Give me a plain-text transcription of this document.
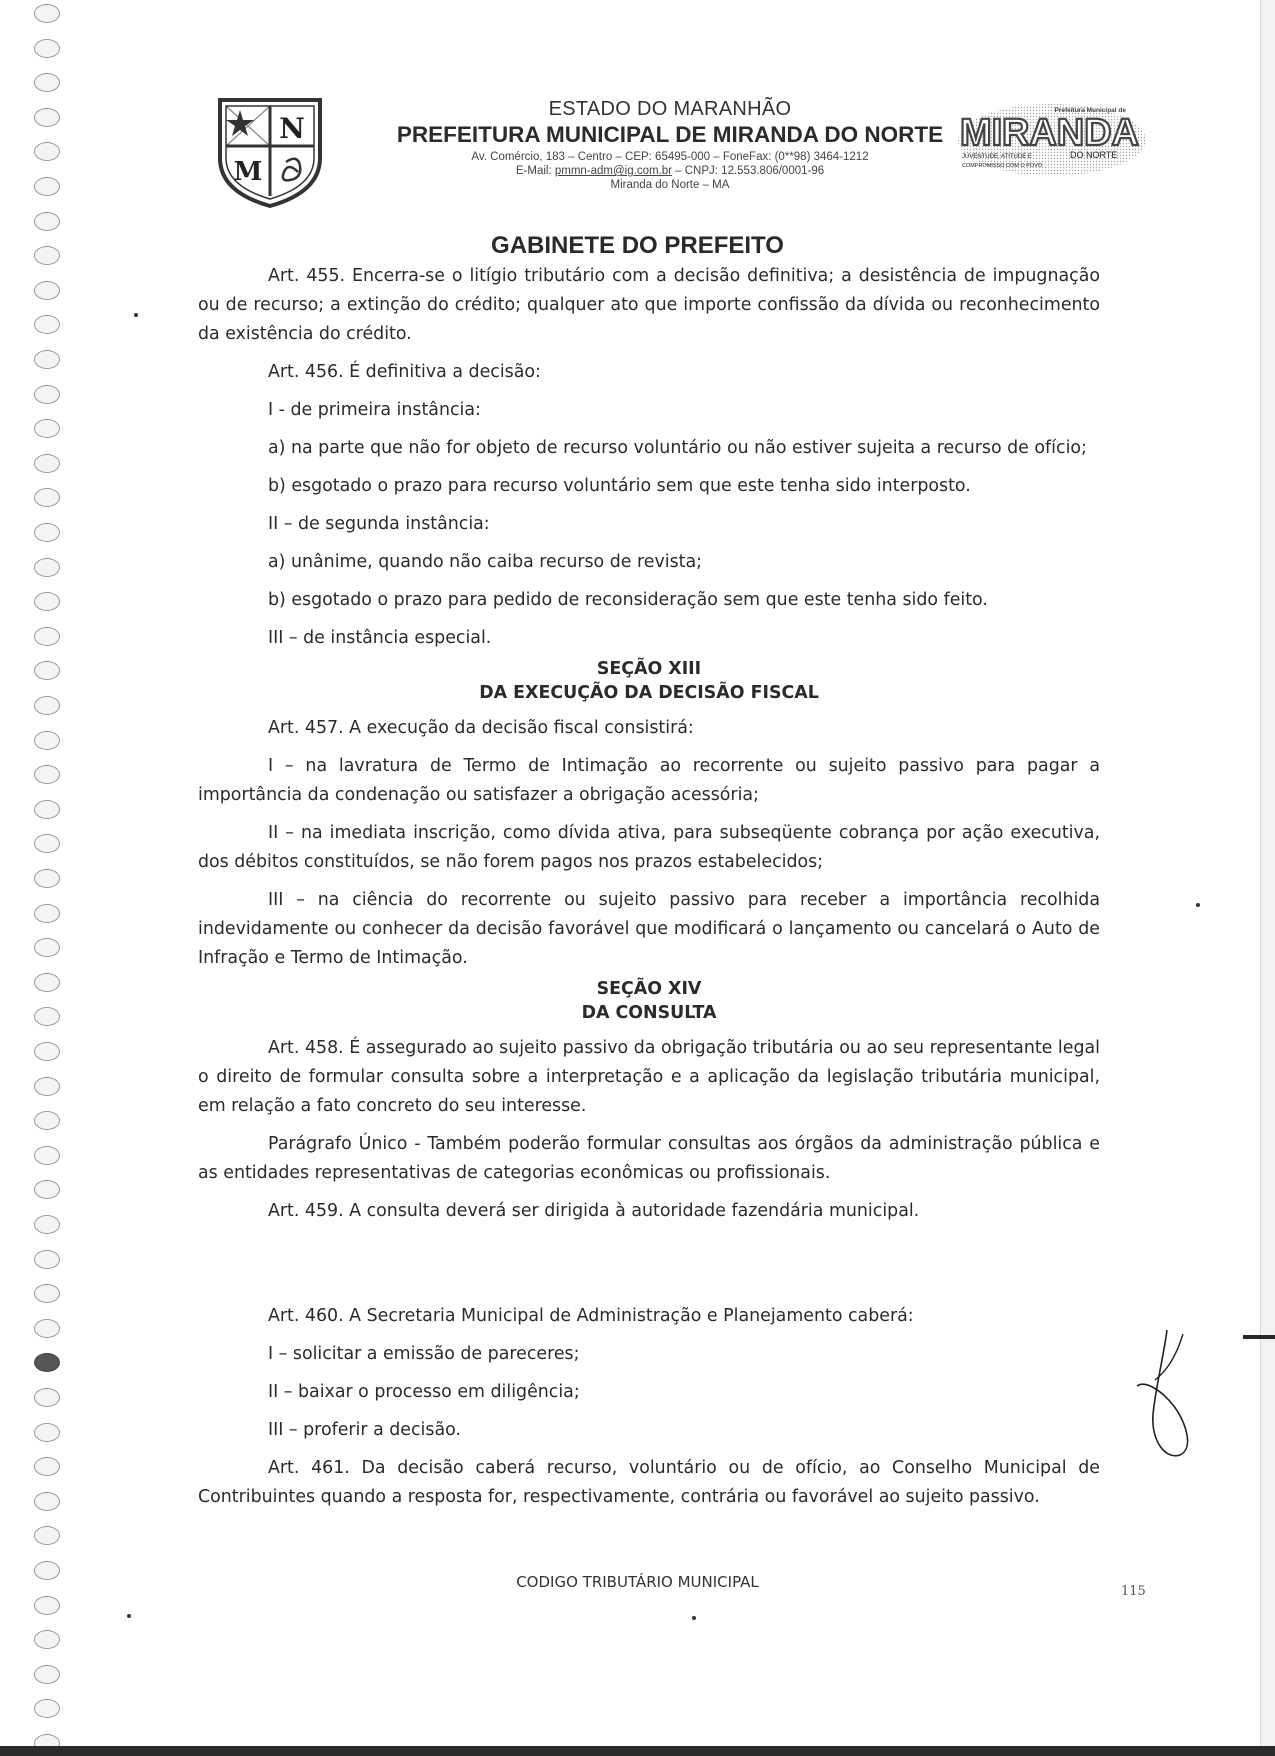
N
M
ESTADO DO MARANHÃO
PREFEITURA MUNICIPAL DE MIRANDA DO NORTE
Av. Comércio, 183 – Centro – CEP: 65495-000 – FoneFax: (0**98) 3464-1212
E-Mail: pmmn-adm@ig.com.br – CNPJ: 12.553.806/0001-96
Miranda do Norte – MA
Prefeitura Municipal de
MIRANDA
JUVENTUDE, ATITUDE E	DO NORTE
COMPROMISSO COM O POVO
GABINETE DO PREFEITO

Art. 455. Encerra-se o litígio tributário com a decisão definitiva; a desistência de impugnação ou de recurso; a extinção do crédito; qualquer ato que importe confissão da dívida ou reconhecimento da existência do crédito.

Art. 456. É definitiva a decisão:

I - de primeira instância:

a) na parte que não for objeto de recurso voluntário ou não estiver sujeita a recurso de ofício;

b) esgotado o prazo para recurso voluntário sem que este tenha sido interposto.

II – de segunda instância:

a) unânime, quando não caiba recurso de revista;

b) esgotado o prazo para pedido de reconsideração sem que este tenha sido feito.

III – de instância especial.

SEÇÃO XIII

DA EXECUÇÃO DA DECISÃO FISCAL

Art. 457. A execução da decisão fiscal consistirá:

I – na lavratura de Termo de Intimação ao recorrente ou sujeito passivo para pagar a importância da condenação ou satisfazer a obrigação acessória;

II – na imediata inscrição, como dívida ativa, para subseqüente cobrança por ação executiva, dos débitos constituídos, se não forem pagos nos prazos estabelecidos;

III – na ciência do recorrente ou sujeito passivo para receber a importância recolhida indevidamente ou conhecer da decisão favorável que modificará o lançamento ou cancelará o Auto de Infração e Termo de Intimação.

SEÇÃO XIV

DA CONSULTA

Art. 458. É assegurado ao sujeito passivo da obrigação tributária ou ao seu representante legal o direito de formular consulta sobre a interpretação e a aplicação da legislação tributária municipal, em relação a fato concreto do seu interesse.

Parágrafo Único - Também poderão formular consultas aos órgãos da administração pública e as entidades representativas de categorias econômicas ou profissionais.

Art. 459. A consulta deverá ser dirigida à autoridade fazendária municipal.

Art. 460. A Secretaria Municipal de Administração e Planejamento caberá:

I – solicitar a emissão de pareceres;

II – baixar o processo em diligência;

III – proferir a decisão.

Art. 461. Da decisão caberá recurso, voluntário ou de ofício, ao Conselho Municipal de Contribuintes quando a resposta for, respectivamente, contrária ou favorável ao sujeito passivo.

CODIGO TRIBUTÁRIO MUNICIPAL
115
